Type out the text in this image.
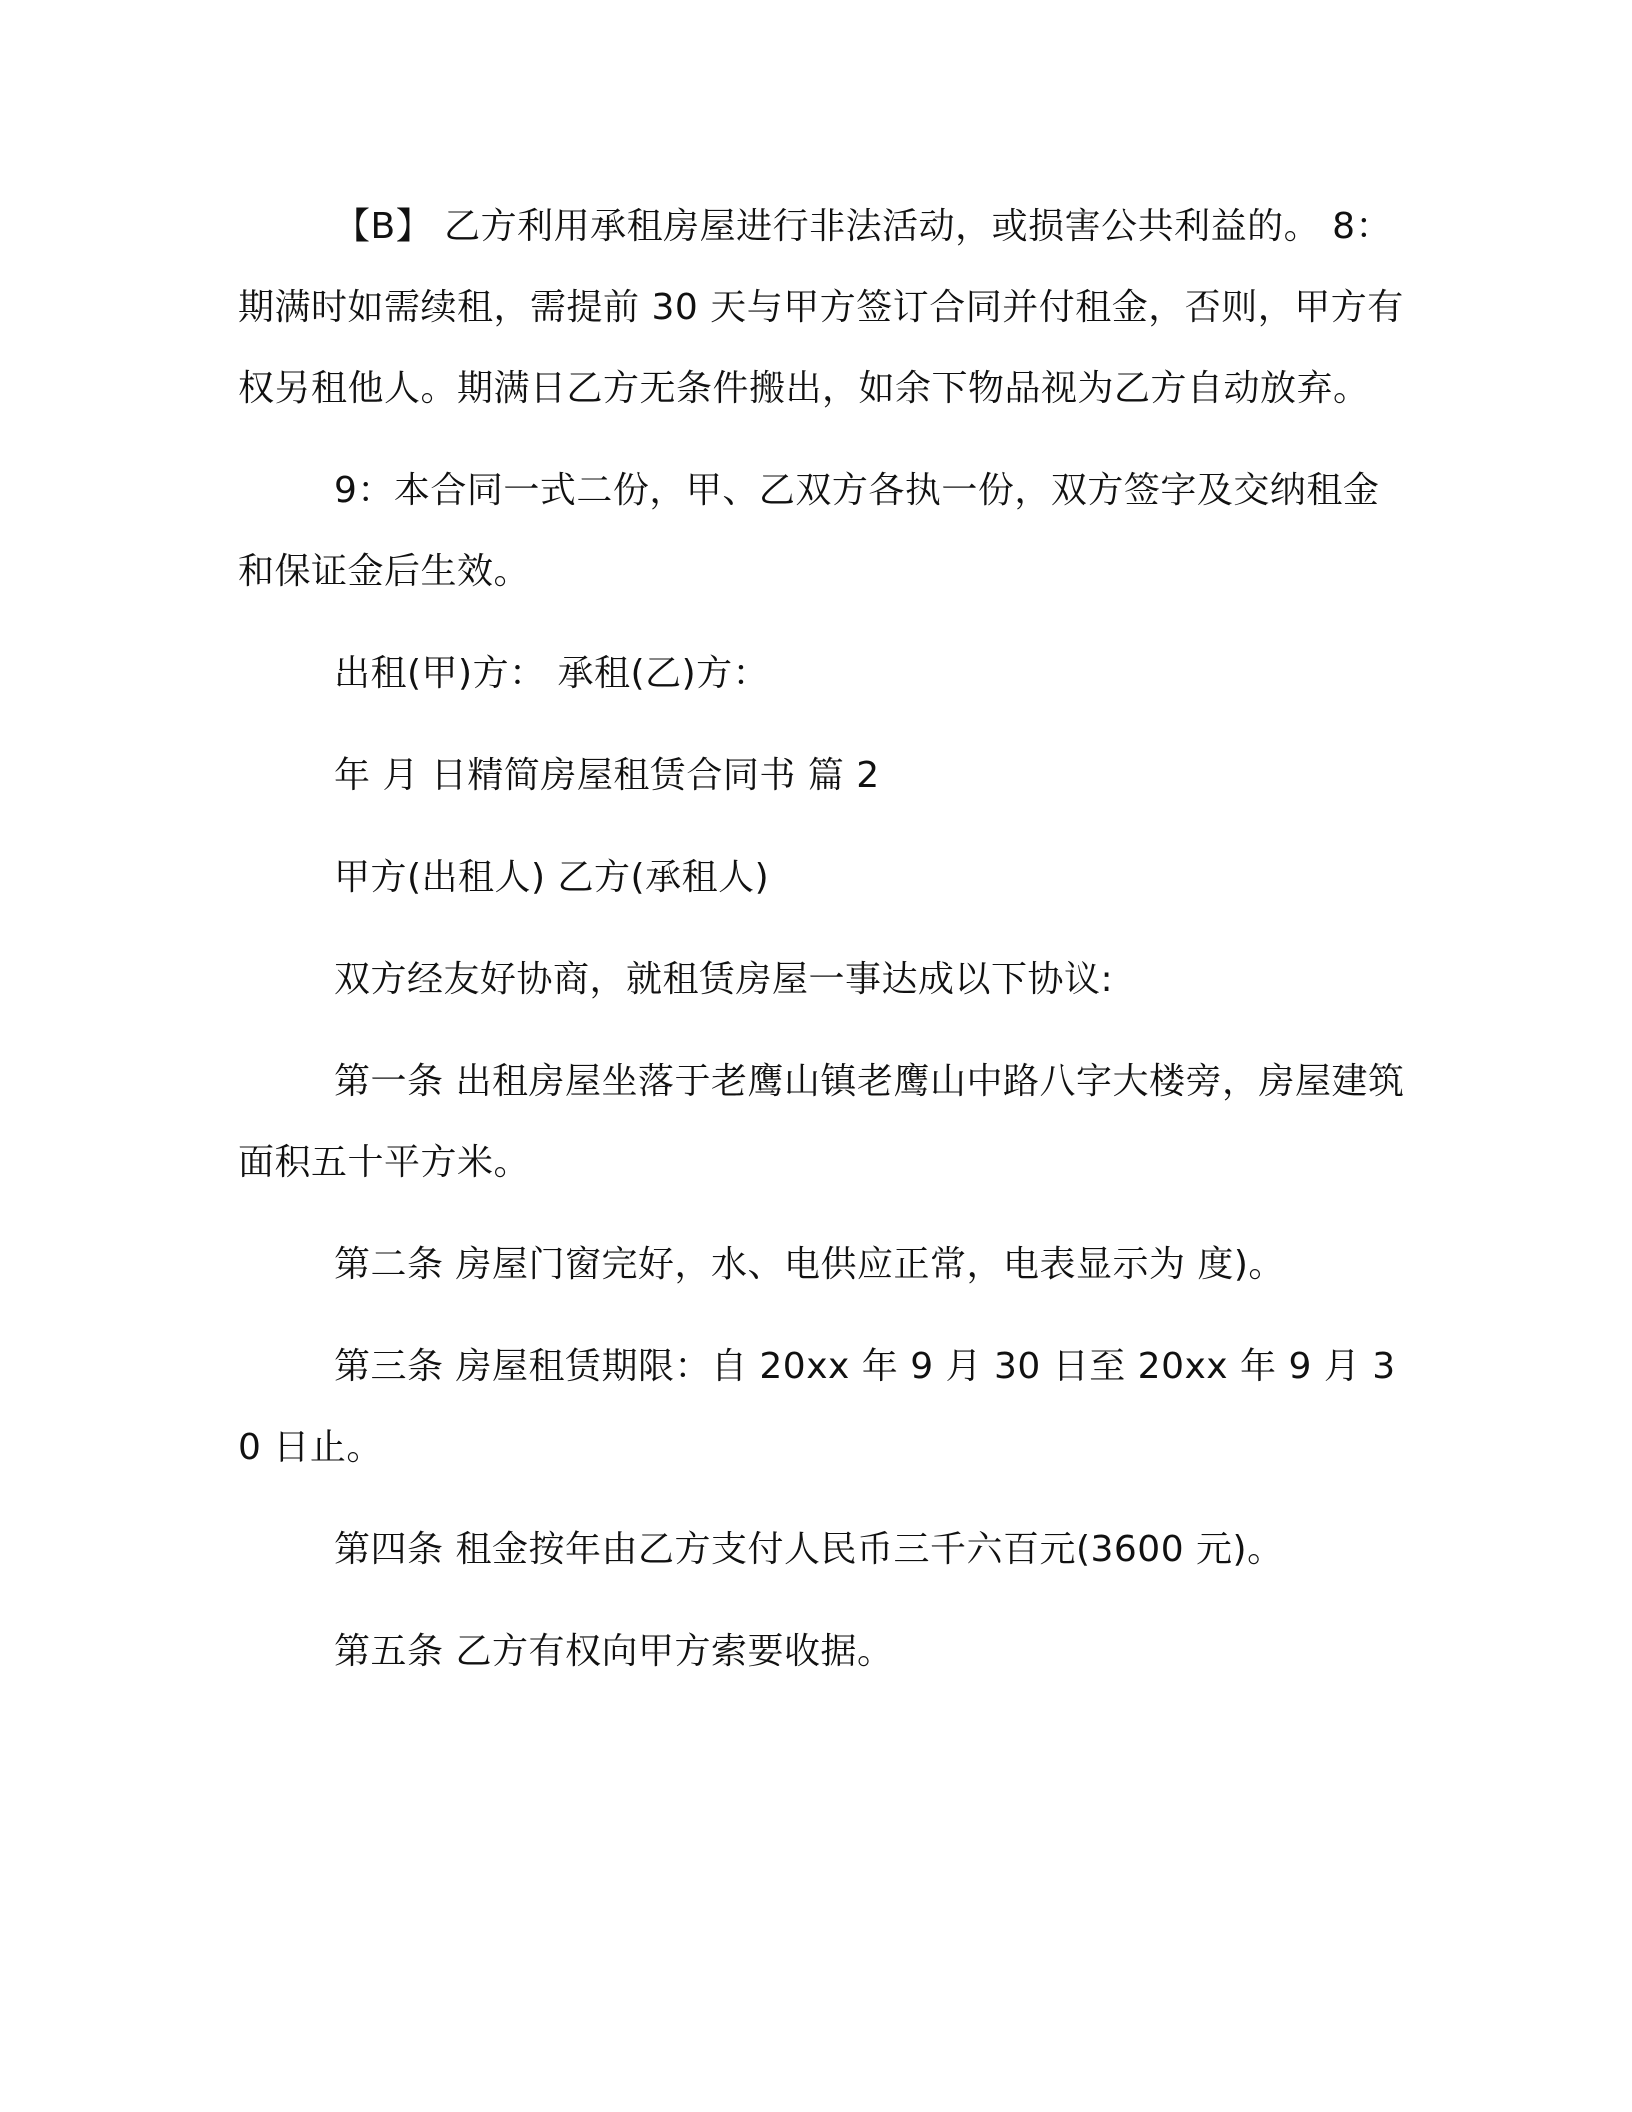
【B】 乙方利用承租房屋进行非法活动，或损害公共利益的。 8：期满时如需续租，需提前 30 天与甲方签订合同并付租金，否则，甲方有权另租他人。期满日乙方无条件搬出，如余下物品视为乙方自动放弃。

9：本合同一式二份，甲、乙双方各执一份，双方签字及交纳租金和保证金后生效。

出租(甲)方： 承租(乙)方：

年 月 日精简房屋租赁合同书 篇 2

甲方(出租人) 乙方(承租人)

双方经友好协商，就租赁房屋一事达成以下协议:

第一条 出租房屋坐落于老鹰山镇老鹰山中路八字大楼旁，房屋建筑面积五十平方米。

第二条 房屋门窗完好，水、电供应正常，电表显示为 度)。

第三条 房屋租赁期限：自 20xx 年 9 月 30 日至 20xx 年 9 月 30 日止。

第四条 租金按年由乙方支付人民币三千六百元(3600 元)。

第五条 乙方有权向甲方索要收据。
